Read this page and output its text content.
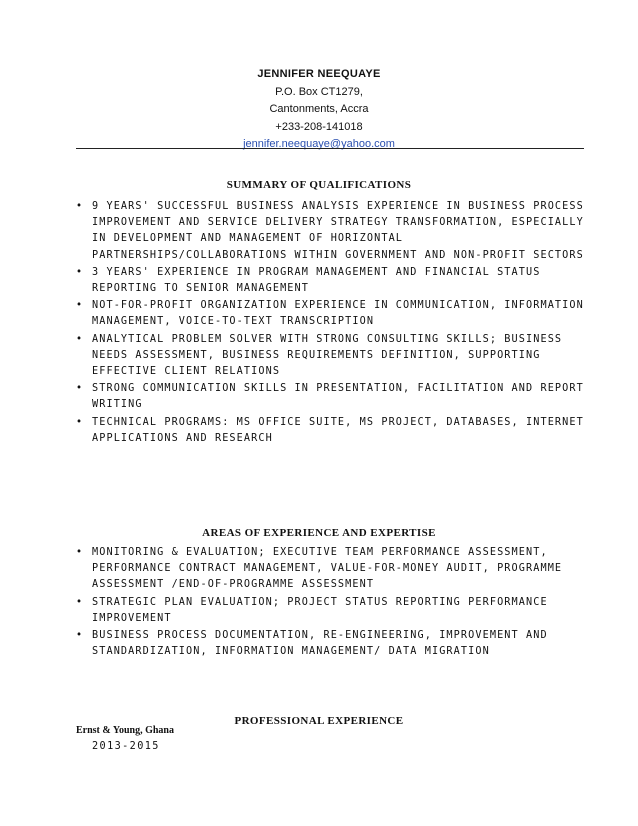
JENNIFER NEEQUAYE
P.O. Box CT1279,
Cantonments, Accra
+233-208-141018
jennifer.neequaye@yahoo.com
SUMMARY OF QUALIFICATIONS
• 9 YEARS' SUCCESSFUL BUSINESS ANALYSIS EXPERIENCE IN BUSINESS PROCESS IMPROVEMENT AND SERVICE DELIVERY STRATEGY TRANSFORMATION, ESPECIALLY IN DEVELOPMENT AND MANAGEMENT OF HORIZONTAL PARTNERSHIPS/COLLABORATIONS WITHIN GOVERNMENT AND NON-PROFIT SECTORS
• 3 YEARS' EXPERIENCE IN PROGRAM MANAGEMENT AND FINANCIAL STATUS REPORTING TO SENIOR MANAGEMENT
• NOT-FOR-PROFIT ORGANIZATION EXPERIENCE IN COMMUNICATION, INFORMATION MANAGEMENT, VOICE-TO-TEXT TRANSCRIPTION
• ANALYTICAL PROBLEM SOLVER WITH STRONG CONSULTING SKILLS; BUSINESS NEEDS ASSESSMENT, BUSINESS REQUIREMENTS DEFINITION, SUPPORTING EFFECTIVE CLIENT RELATIONS
• STRONG COMMUNICATION SKILLS IN PRESENTATION, FACILITATION AND REPORT WRITING
• TECHNICAL PROGRAMS: MS OFFICE SUITE, MS PROJECT, DATABASES, INTERNET APPLICATIONS AND RESEARCH
AREAS OF EXPERIENCE AND EXPERTISE
• MONITORING & EVALUATION; EXECUTIVE TEAM PERFORMANCE ASSESSMENT, PERFORMANCE CONTRACT MANAGEMENT, VALUE-FOR-MONEY AUDIT, PROGRAMME ASSESSMENT /END-OF-PROGRAMME ASSESSMENT
• STRATEGIC PLAN EVALUATION; PROJECT STATUS REPORTING PERFORMANCE IMPROVEMENT
• BUSINESS PROCESS DOCUMENTATION, RE-ENGINEERING, IMPROVEMENT AND STANDARDIZATION, INFORMATION MANAGEMENT/ DATA MIGRATION
PROFESSIONAL EXPERIENCE
Ernst & Young, Ghana
2013-2015
